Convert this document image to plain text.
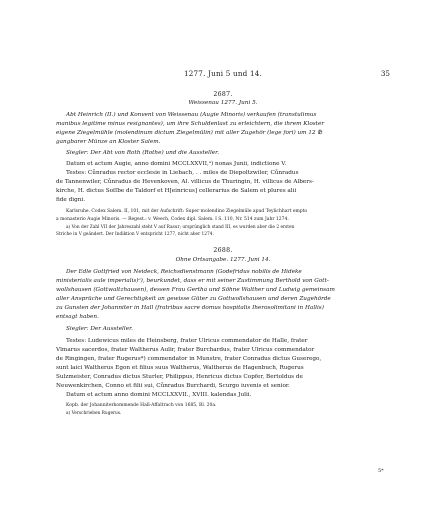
1277. Juni 5 und 14.	35
2687.
Weissenau 1277. Juni 5.
Abt Heinrich (II.) und Konvent von Weissenau (Augie Minoris) verkaufen (transtulimus
manibus legitime minus resignantes), um ihre Schuldenlast zu erleichtern, die ihrem Kloster
eigene Ziegelmühle (molendinum dictum Ziegelmülin) mit aller Zugehör (lege fori) um 12 ℔
gangbarer Münze an Kloster Salem.
Siegler: Der Abt von Roth (Rothe) und die Aussteller.
Datum et actum Augie, anno domini MCCLXXVII,ᵃ) nonas Junii, indictione V.
Testes: Cůnradus rector ecclesie in Liebach, . . miles de Diepoltzwiler, Cůnradus
de Tannenwiler, Cůnradus de Hevenkoven, Al. villicus de Thuringin, H. villicus de Albers-
kirche, H. dictus Soſſbe de Taldorf et H[einricus] cellerarius de Salem et plures alii
fide digni.
Karlsruhe. Codex Salem. II, 101, mit der Aufschrift: Super molendino Ziegelmüle apud Teylichhart empto
a monasterio Augie Minoris. — Regest.: v. Weech, Codex dipl. Salem. I S. 110, Nr. 514 zum Jahr 1274.
a) Von der Zahl VII der Jahreszahl steht V auf Rasur; ursprünglich stand III, es wurden aber die 2 ersten
Striche in V geändert. Der Indiktion V entspricht 1277, nicht aber 1274.
2688.
Ohne Ortsangabe. 1277. Juni 14.
Der Edle Gottfried von Neideck, Reichsdienstmann (Godefridus nobilis de Hideke
ministerialis aule imperialis)ᵃ), beurkundet, dass er mit seiner Zustimmung Berthold von Gott-
wollshausen (Gottwaltzhausen), dessen Frau Gertha und Söhne Walther und Ludwig gemeinsam
aller Ansprüche und Gerechtigkeit an gewisse Güter zu Gottwollshausen und deren Zugehörde
zu Gunsten der Johanniter in Hall (fratribus sacre domus hospitalis Iherosolimitani in Hallis)
entsagt haben.
Siegler: Der Aussteller.
Testes: Ludewicus miles de Heinsberg, frater Ulricus commendator de Halle, frater
Vlmarus sacerdos, frater Waltherus Aulir, frater Burchardus, frater Ulricus commendator
de Ringingen, frater Rugerus*) commendator in Munstre, frater Conradus dictus Guserego,
sunt laici Waltherus Egon et filius suus Waltherus, Waltherus de Hagenbuch, Rugerus
Sulzmeister, Conradus dictus Sturler, Philippus, Henricus dictus Copfer, Bertoldus de
Neuwenkirchen, Conno et filii sui, Cůnradus Burchardi, Scurgo iuvenis et senior.
Datum et actum anno domini MCCLXXVII., XVIII. kalendas Julii.
Kopb. der Johanniterkommende Hall-Affaltrach von 1685, Bl. 20a.
a) Verschrieben Rugerus.
5*
